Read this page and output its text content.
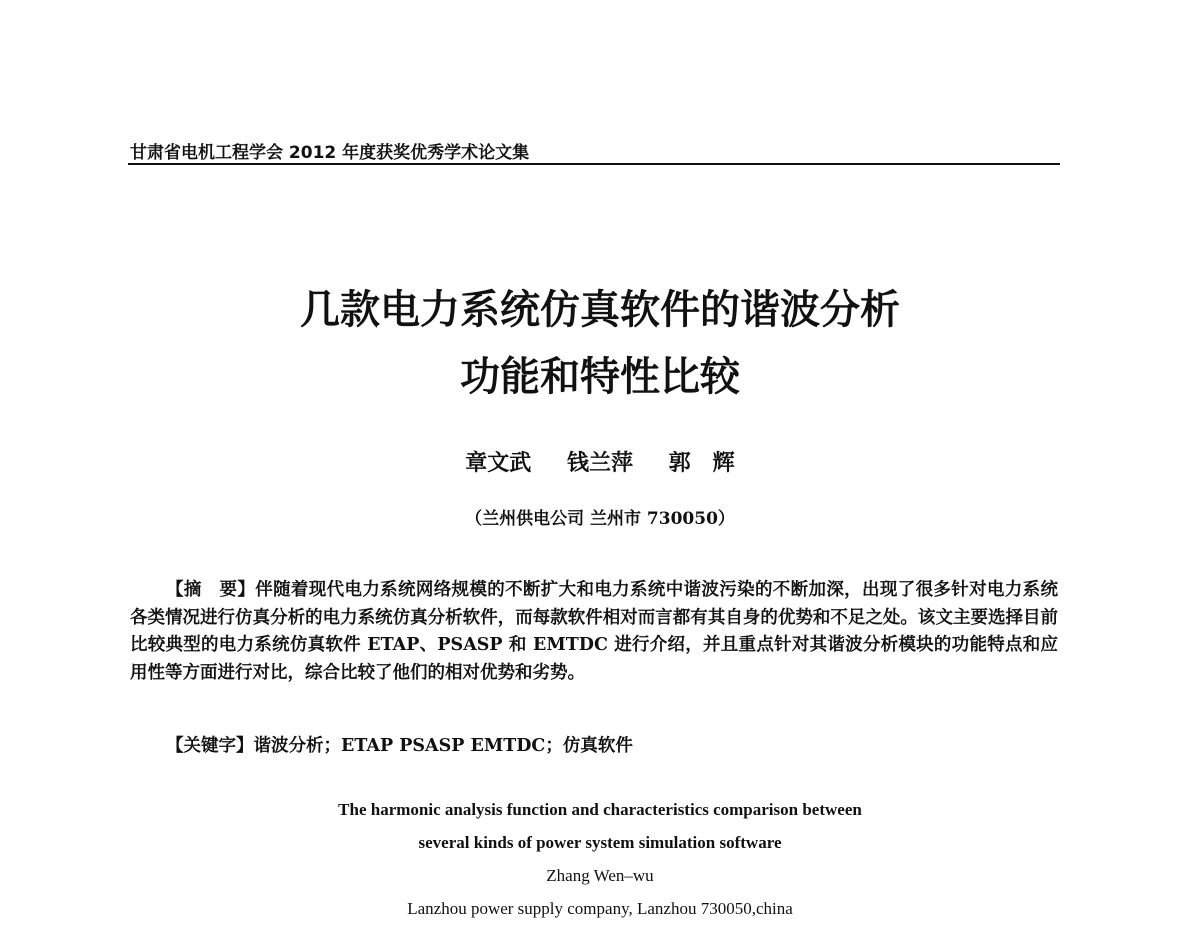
甘肃省电机工程学会 2012 年度获奖优秀学术论文集
几款电力系统仿真软件的谐波分析
功能和特性比较
章文武 钱兰萍 郭　辉
（兰州供电公司 兰州市 730050）
【摘　要】伴随着现代电力系统网络规模的不断扩大和电力系统中谐波污染的不断加深，出现了很多针对电力系统各类情况进行仿真分析的电力系统仿真分析软件，而每款软件相对而言都有其自身的优势和不足之处。该文主要选择目前比较典型的电力系统仿真软件 ETAP、PSASP 和 EMTDC 进行介绍，并且重点针对其谐波分析模块的功能特点和应用性等方面进行对比，综合比较了他们的相对优势和劣势。
【关键字】谐波分析；ETAP PSASP EMTDC；仿真软件
The harmonic analysis function and characteristics comparison between
several kinds of power system simulation software
Zhang Wen–wu
Lanzhou power supply company, Lanzhou 730050,china
